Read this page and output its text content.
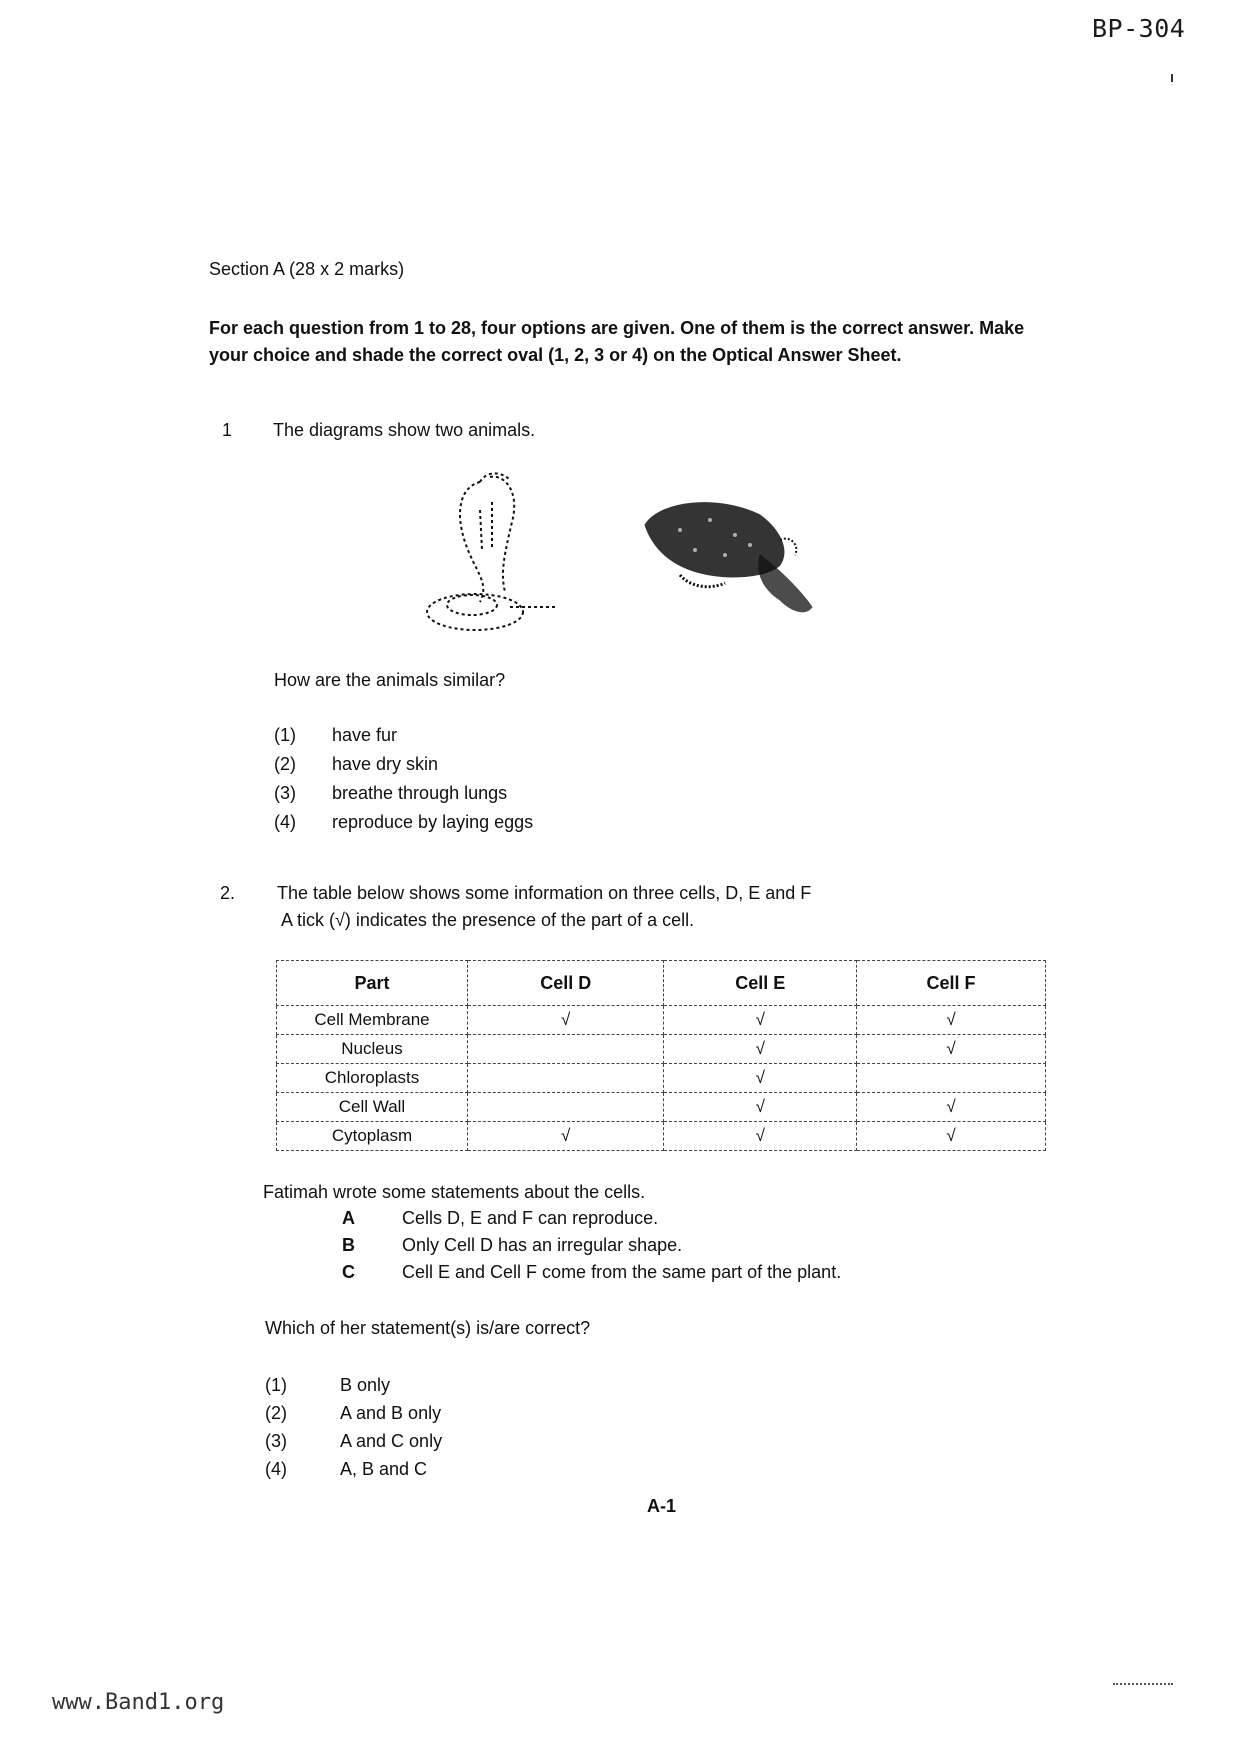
BP-304
Section A (28 x 2 marks)
For each question from 1 to 28, four options are given. One of them is the correct answer. Make your choice and shade the correct oval (1, 2, 3 or 4) on the Optical Answer Sheet.
1 The diagrams show two animals.
How are the animals similar?
(1) have fur
(2) have dry skin
(3) breathe through lungs
(4) reproduce by laying eggs
2. The table below shows some information on three cells, D, E and F
A tick (√) indicates the presence of the part of a cell.
Part	Cell D	Cell E	Cell F
Cell Membrane	√	√	√
Nucleus		√	√
Chloroplasts		√	
Cell Wall		√	√
Cytoplasm	√	√	√
Fatimah wrote some statements about the cells.
A	Cells D, E and F can reproduce.
B	Only Cell D has an irregular shape.
C	Cell E and Cell F come from the same part of the plant.
Which of her statement(s) is/are correct?
(1)	B only
(2)	A and B only
(3)	A and C only
(4)	A, B and C
A-1
www.Band1.org
